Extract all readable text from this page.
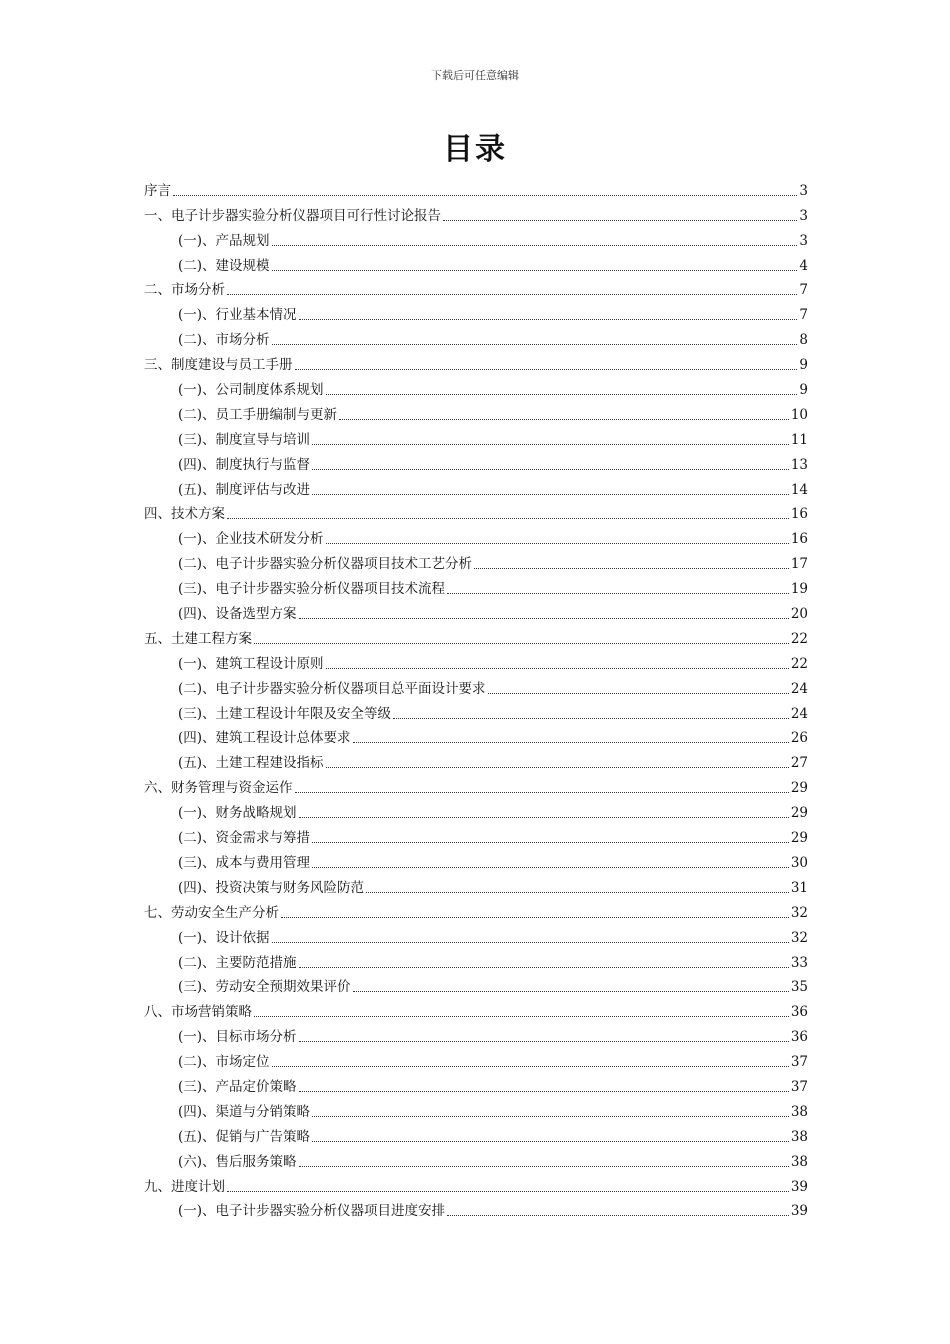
下载后可任意编辑
目录
序言	3
一、电子计步器实验分析仪器项目可行性讨论报告	3
(一)、产品规划	3
(二)、建设规模	4
二、市场分析	7
(一)、行业基本情况	7
(二)、市场分析	8
三、制度建设与员工手册	9
(一)、公司制度体系规划	9
(二)、员工手册编制与更新	10
(三)、制度宣导与培训	11
(四)、制度执行与监督	13
(五)、制度评估与改进	14
四、技术方案	16
(一)、企业技术研发分析	16
(二)、电子计步器实验分析仪器项目技术工艺分析	17
(三)、电子计步器实验分析仪器项目技术流程	19
(四)、设备选型方案	20
五、土建工程方案	22
(一)、建筑工程设计原则	22
(二)、电子计步器实验分析仪器项目总平面设计要求	24
(三)、土建工程设计年限及安全等级	24
(四)、建筑工程设计总体要求	26
(五)、土建工程建设指标	27
六、财务管理与资金运作	29
(一)、财务战略规划	29
(二)、资金需求与筹措	29
(三)、成本与费用管理	30
(四)、投资决策与财务风险防范	31
七、劳动安全生产分析	32
(一)、设计依据	32
(二)、主要防范措施	33
(三)、劳动安全预期效果评价	35
八、市场营销策略	36
(一)、目标市场分析	36
(二)、市场定位	37
(三)、产品定价策略	37
(四)、渠道与分销策略	38
(五)、促销与广告策略	38
(六)、售后服务策略	38
九、进度计划	39
(一)、电子计步器实验分析仪器项目进度安排	39
